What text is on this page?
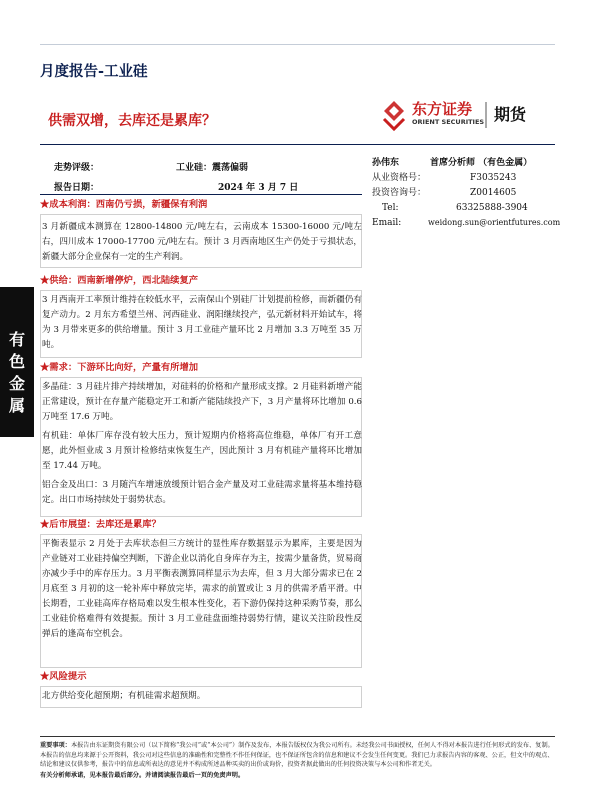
月度报告-工业硅
供需双增，去库还是累库？
东方证券
ORIENT SECURITIES 期货
走势评级：	工业硅：震荡偏弱
报告日期：	2024 年 3 月 7 日
孙伟东	首席分析师 （有色金属）
从业资格号：	F3035243
投资咨询号：	Z0014605
Tel:	63325888-3904
Email:	weidong.sun@orientfutures.com
有
色
金
属
★成本利润：西南仍亏损，新疆保有利润

3 月新疆成本测算在 12800-14800 元/吨左右，云南成本 15300-16000 元/吨左右，四川成本 17000-17700 元/吨左右。预计 3 月西南地区生产仍处于亏损状态，新疆大部分企业保有一定的生产利润。

★供给：西南新增停炉，西北陆续复产

3 月西南开工率预计维持在较低水平，云南保山个别硅厂计划提前检修，而新疆仍有复产动力。2 月东方希望兰州、河西硅业、润阳继续投产，弘元新材料开始试车，将为 3 月带来更多的供给增量。预计 3 月工业硅产量环比 2 月增加 3.3 万吨至 35 万吨。

★需求：下游环比向好，产量有所增加

多晶硅：3 月硅片排产持续增加，对硅料的价格和产量形成支撑。2 月硅料新增产能正常建设，预计在存量产能稳定开工和新产能陆续投产下，3 月产量将环比增加 0.6 万吨至 17.6 万吨。

有机硅：单体厂库存没有较大压力，预计短期内价格将高位维稳，单体厂有开工意愿，此外恒业成 3 月预计检修结束恢复生产，因此预计 3 月有机硅产量将环比增加至 17.44 万吨。

铝合金及出口：3 月随汽车增速放缓预计铝合金产量及对工业硅需求量将基本维持稳定。出口市场持续处于弱势状态。

★后市展望：去库还是累库？

平衡表显示 2 月处于去库状态但三方统计的显性库存数据显示为累库，主要是因为产业链对工业硅持偏空判断，下游企业以消化自身库存为主，按需少量备货，贸易商亦减少手中的库存压力。3 月平衡表测算同样显示为去库，但 3 月大部分需求已在 2 月底至 3 月初的这一轮补库中释放完毕，需求的前置或让 3 月的供需矛盾平滑。中长期看，工业硅高库存格局难以发生根本性变化，若下游仍保持这种采购节奏，那么工业硅价格难得有效提振。预计 3 月工业硅盘面维持弱势行情，建议关注阶段性反弹后的逢高布空机会。

★风险提示

北方供给变化超预期；有机硅需求超预期。

重要事项：本报告由东证期货有限公司（以下简称“我公司”或“本公司”）制作及发布，本报告版权仅为我公司所有。未经我公司书面授权，任何人不得对本报告进行任何形式的发布、复制。本报告的信息均来源于公开资料，我公司对这些信息的准确性和完整性不作任何保证，也不保证所包含的信息和建议不会发生任何变更。我们已力求报告内容的客观、公正，但文中的观点、结论和建议仅供参考，报告中的信息或所表达的意见并不构成所述品种买卖的出价或询价，投资者据此做出的任何投资决策与本公司和作者无关。
有关分析师承诺，见本报告最后部分。并请阅读报告最后一页的免责声明。
